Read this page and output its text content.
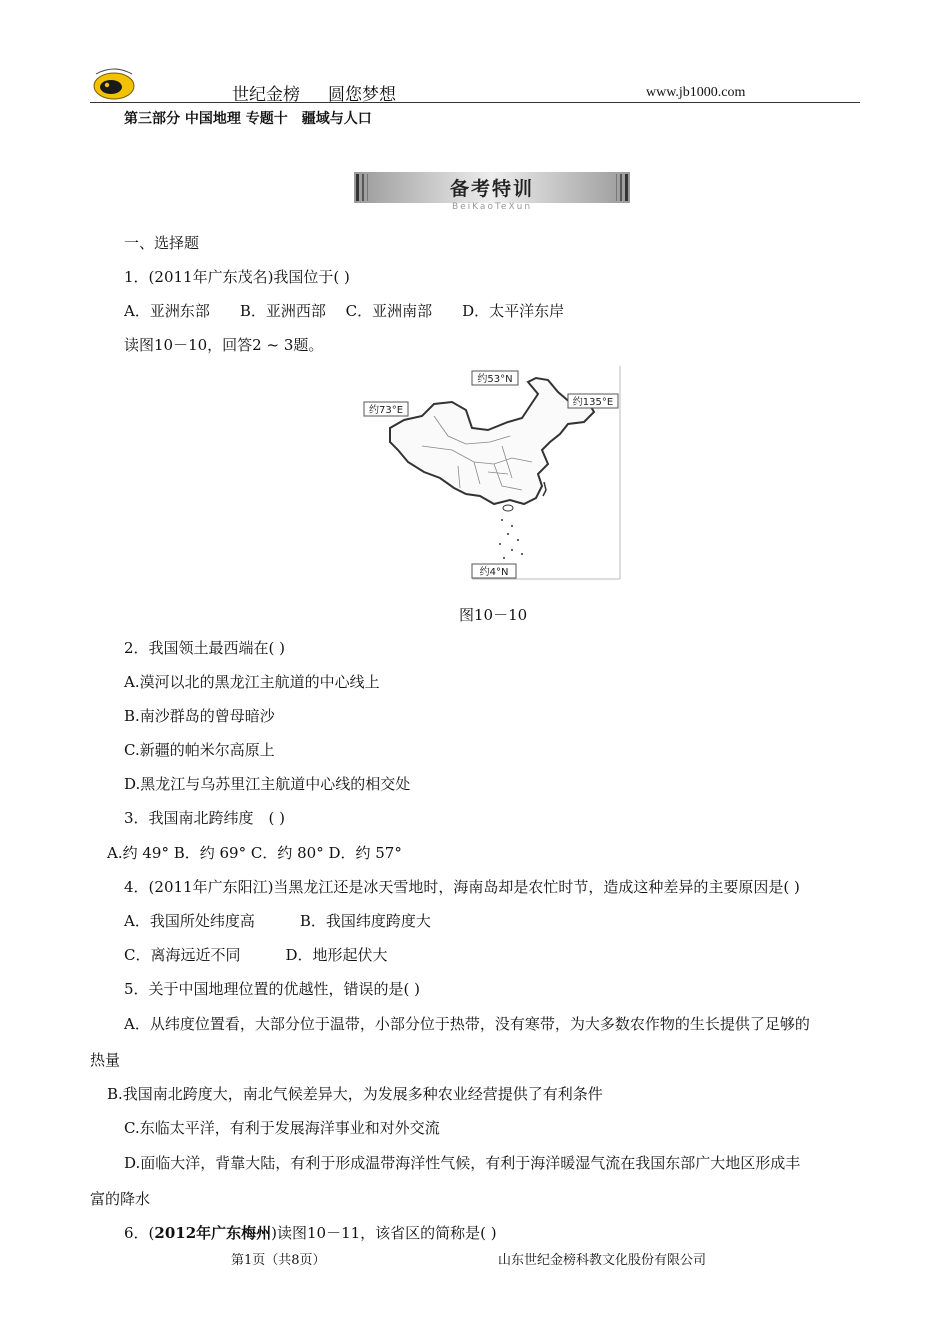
世纪金榜 圆您梦想	www.jb1000.com
第三部分 中国地理 专题十　疆域与人口
备考特训
BeiKaoTeXun
一、选择题
1．(2011年广东茂名)我国位于( )
A．亚洲东部　　B．亚洲西部　 C．亚洲南部　　D．太平洋东岸
读图10－10，回答2 ~ 3题。
约53°N
约73°E
约135°E
约4°N
图10－10
2．我国领土最西端在( )
A.漠河以北的黑龙江主航道的中心线上
B.南沙群岛的曾母暗沙
C.新疆的帕米尔高原上
D.黑龙江与乌苏里江主航道中心线的相交处
3．我国南北跨纬度　( )
A.约 49° B．约 69° C．约 80° D．约 57°
4．(2011年广东阳江)当黑龙江还是冰天雪地时，海南岛却是农忙时节，造成这种差异的主要原因是( )
A．我国所处纬度高　　　B．我国纬度跨度大
C．离海远近不同　　　D．地形起伏大
5．关于中国地理位置的优越性，错误的是( )
A．从纬度位置看，大部分位于温带，小部分位于热带，没有寒带，为大多数农作物的生长提供了足够的
热量
B.我国南北跨度大，南北气候差异大，为发展多种农业经营提供了有利条件
C.东临太平洋，有利于发展海洋事业和对外交流
D.面临大洋，背靠大陆，有利于形成温带海洋性气候，有利于海洋暖湿气流在我国东部广大地区形成丰
富的降水
6．(2012年广东梅州)读图10－11，该省区的简称是( )
第1页（共8页）	山东世纪金榜科教文化股份有限公司
